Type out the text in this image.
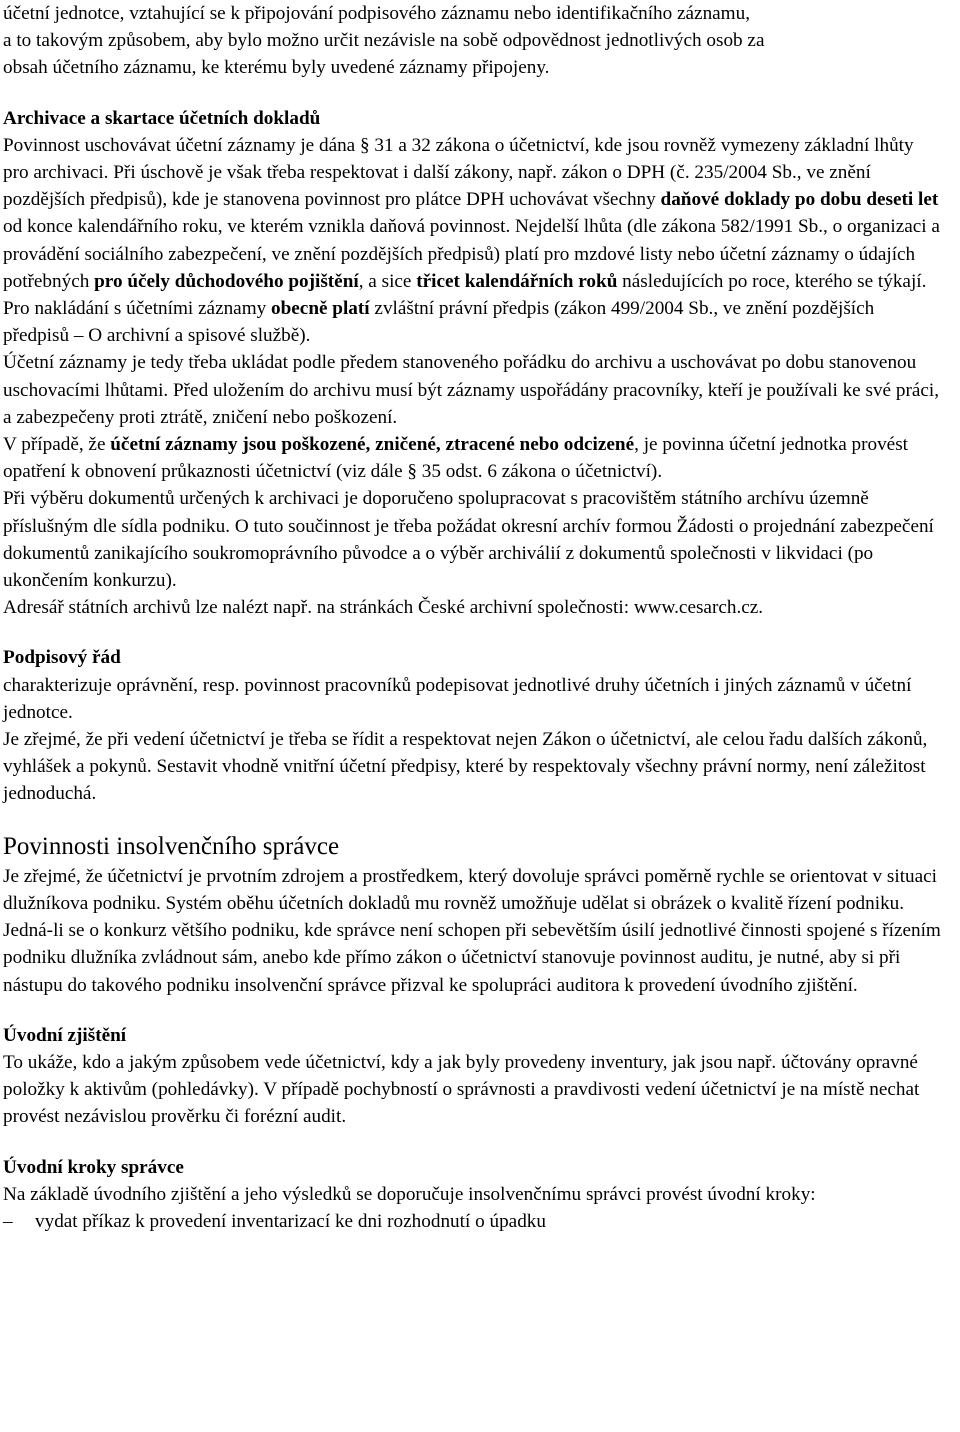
účetní jednotce, vztahující se k připojování podpisového záznamu nebo identifikačního záznamu,
a to takovým způsobem, aby bylo možno určit nezávisle na sobě odpovědnost jednotlivých osob za
obsah účetního záznamu, ke kterému byly uvedené záznamy připojeny.

Archivace a skartace účetních dokladů

Povinnost uschovávat účetní záznamy je dána § 31 a 32 zákona o účetnictví, kde jsou rovněž vymezeny základní lhůty pro archivaci. Při úschově je však třeba respektovat i další zákony, např. zákon o DPH (č. 235/2004 Sb., ve znění pozdějších předpisů), kde je stanovena povinnost pro plátce DPH uchovávat všechny daňové doklady po dobu deseti let od konce kalendářního roku, ve kterém vznikla daňová povinnost. Nejdelší lhůta (dle zákona 582/1991 Sb., o organizaci a provádění sociálního zabezpečení, ve znění pozdějších předpisů) platí pro mzdové listy nebo účetní záznamy o údajích potřebných pro účely důchodového pojištění, a sice třicet kalendářních roků následujících po roce, kterého se týkají.

Pro nakládání s účetními záznamy obecně platí zvláštní právní předpis (zákon 499/2004 Sb., ve znění pozdějších předpisů – O archivní a spisové službě).

Účetní záznamy je tedy třeba ukládat podle předem stanoveného pořádku do archivu a uschovávat po dobu stanovenou uschovacími lhůtami. Před uložením do archivu musí být záznamy uspořádány pracovníky, kteří je používali ke své práci, a zabezpečeny proti ztrátě, zničení nebo poškození.

V případě, že účetní záznamy jsou poškozené, zničené, ztracené nebo odcizené, je povinna účetní jednotka provést opatření k obnovení průkaznosti účetnictví (viz dále § 35 odst. 6 zákona o účetnictví).

Při výběru dokumentů určených k archivaci je doporučeno spolupracovat s pracovištěm státního archívu územně příslušným dle sídla podniku. O tuto součinnost je třeba požádat okresní archív formou Žádosti o projednání zabezpečení dokumentů zanikajícího soukromoprávního původce a o výběr archiválií z dokumentů společnosti v likvidaci (po ukončením konkurzu).

Adresář státních archivů lze nalézt např. na stránkách České archivní společnosti: www.cesarch.cz.

Podpisový řád

charakterizuje oprávnění, resp. povinnost pracovníků podepisovat jednotlivé druhy účetních i jiných záznamů v účetní jednotce.

Je zřejmé, že při vedení účetnictví je třeba se řídit a respektovat nejen Zákon o účetnictví, ale celou řadu dalších zákonů, vyhlášek a pokynů. Sestavit vhodně vnitřní účetní předpisy, které by respektovaly všechny právní normy, není záležitost jednoduchá.

Povinnosti insolvenčního správce

Je zřejmé, že účetnictví je prvotním zdrojem a prostředkem, který dovoluje správci poměrně rychle se orientovat v situaci dlužníkova podniku. Systém oběhu účetních dokladů mu rovněž umožňuje udělat si obrázek o kvalitě řízení podniku.

Jedná-li se o konkurz většího podniku, kde správce není schopen při sebevětším úsilí jednotlivé činnosti spojené s řízením podniku dlužníka zvládnout sám, anebo kde přímo zákon o účetnictví stanovuje povinnost auditu, je nutné, aby si při nástupu do takového podniku insolvenční správce přizval ke spolupráci auditora k provedení úvodního zjištění.

Úvodní zjištění

To ukáže, kdo a jakým způsobem vede účetnictví, kdy a jak byly provedeny inventury, jak jsou např. účtovány opravné položky k aktivům (pohledávky). V případě pochybností o správnosti a pravdivosti vedení účetnictví je na místě nechat provést nezávislou prověrku či forézní audit.

Úvodní kroky správce

Na základě úvodního zjištění a jeho výsledků se doporučuje insolvenčnímu správci provést úvodní kroky:

–	vydat příkaz k provedení inventarizací ke dni rozhodnutí o úpadku
